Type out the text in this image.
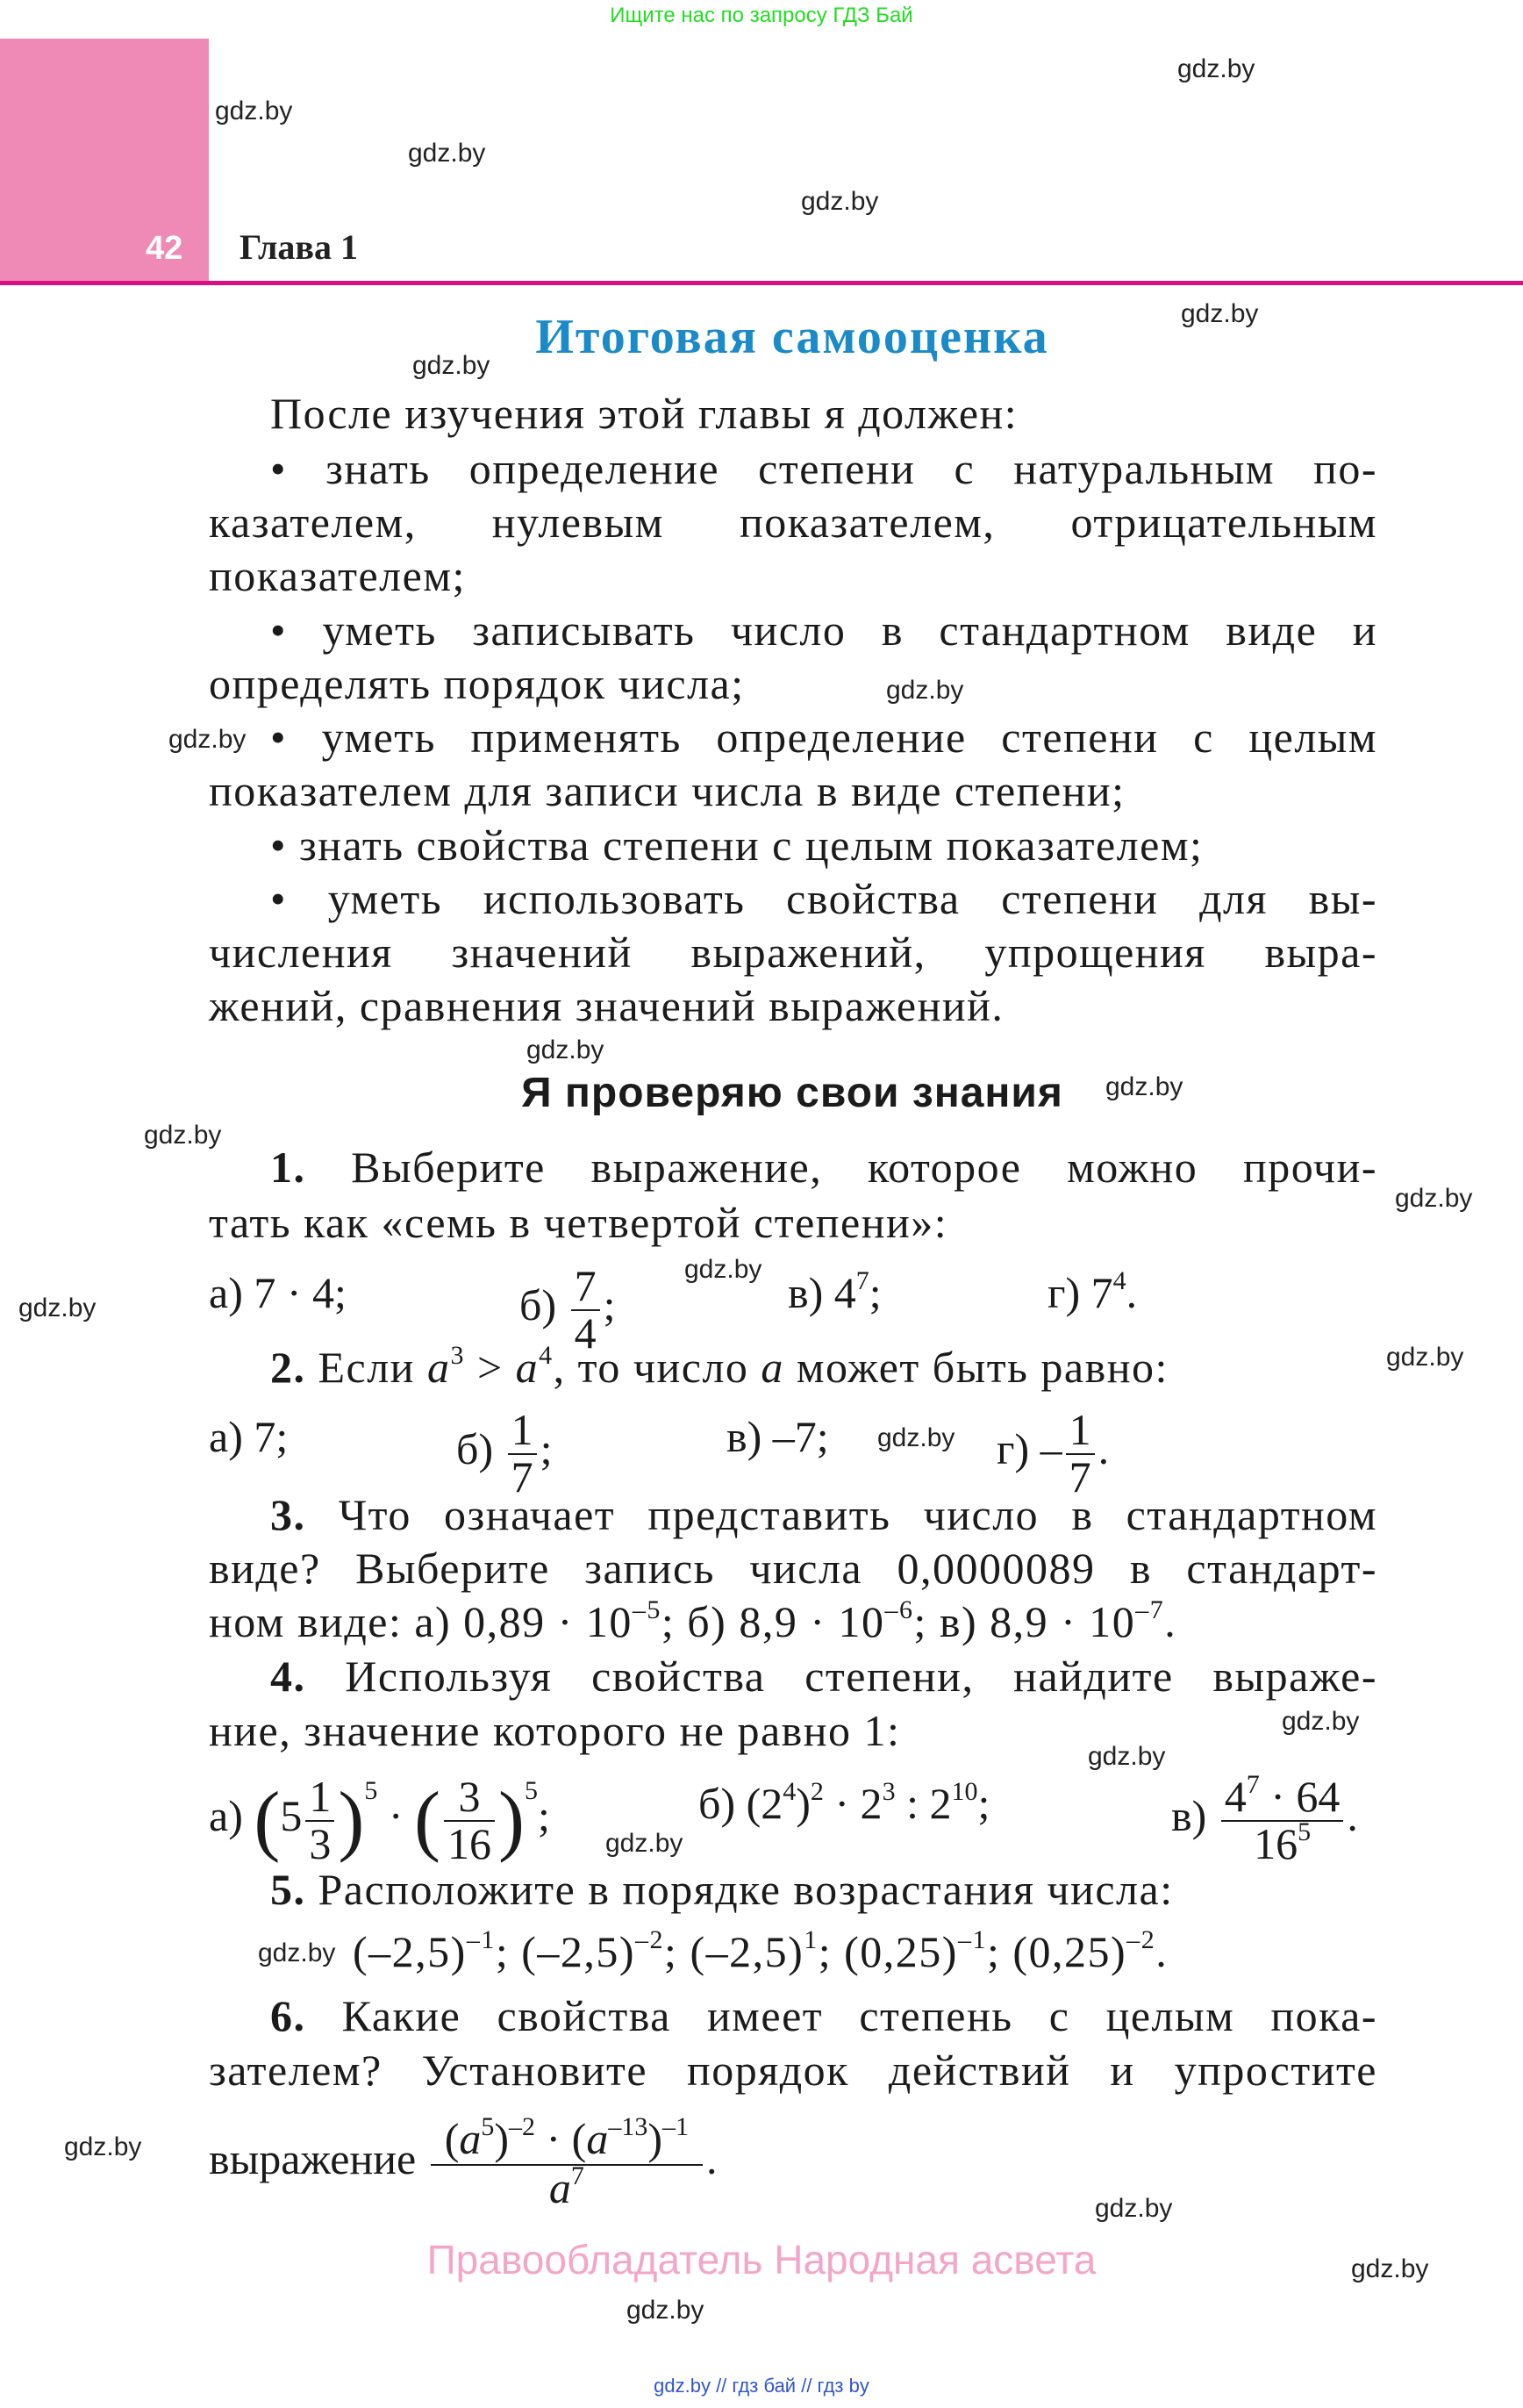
Ищите нас по запросу ГДЗ Бай
42 Глава 1
Итоговая самооценка
После изучения этой главы я должен:
• знать определение степени с натуральным по-
казателем, нулевым показателем, отрицательным
показателем;
• уметь записывать число в стандартном виде и
определять порядок числа;
• уметь применять определение степени с целым
показателем для записи числа в виде степени;
• знать свойства степени с целым показателем;
• уметь использовать свойства степени для вы-
числения значений выражений, упрощения выра-
жений, сравнения значений выражений.
Я проверяю свои знания
1. Выберите выражение, которое можно прочи-
тать как «семь в четвертой степени»:
а) 7 · 4;	$б) \frac{7}{4}$ ;	в) $4^7$;	г) $7^4$.
2. Если $a^3 > a^4$, то число a может быть равно:
а) 7;	$б) \frac{1}{7}$ ;	в) –7;	$г) - \frac{1}{7}$ .
3. Что означает представить число в стандартном
виде? Выберите запись числа 0,0000089 в стандарт-
ном виде: а) $0,89 \cdot 10^{-5}$; б) $8,9 \cdot 10^{-6}$; в) $8,9 \cdot 10^{-7}$.
4. Используя свойства степени, найдите выраже-
ние, значение которого не равно 1:
а) $(5 \frac{1}{3} )^5$ · ( $\frac{3}{16} )^5$;	б) $(2^4)^2 \cdot 2^3$ : $2^{10}$;	$в) \frac{4^7 \cdot 64}{16^5}$ .
5. Расположите в порядке возрастания числа:
$(-2,5)^{-1}$; $(-2,5)^{-2}$; $(-2,5)^1$; $(0,25)^{-1}$; $(0,25)^{-2}$.
6. Какие свойства имеет степень с целым пока-
зателем? Установите порядок действий и упростите
выражение $\frac{(a^5)^{-2} \cdot (a^{-13})^{-1}}{a^7}$ .
Правообладатель Народная асвета
gdz.by // гдз бай // гдз by
gdz.by
gdz.by
gdz.by
gdz.by
gdz.by
gdz.by
gdz.by
gdz.by
gdz.by
gdz.by
gdz.by
gdz.by
gdz.by
gdz.by
gdz.by
gdz.by
gdz.by
gdz.by
gdz.by
gdz.by
gdz.by
gdz.by
gdz.by
gdz.by
